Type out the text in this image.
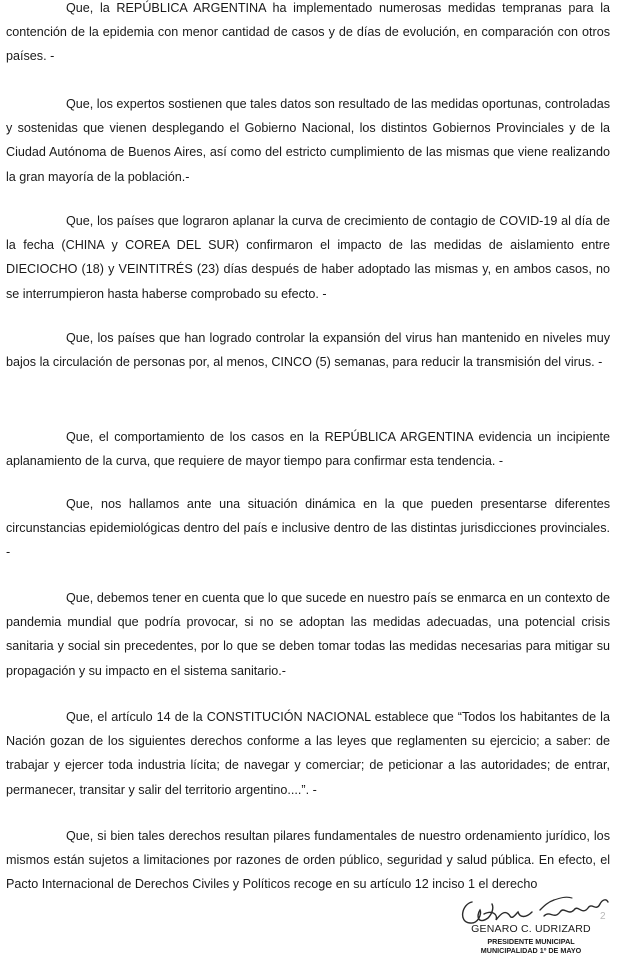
Que, la REPÚBLICA ARGENTINA ha implementado numerosas medidas tempranas para la contención de la epidemia con menor cantidad de casos y de días de evolución, en comparación con otros países. -

Que, los expertos sostienen que tales datos son resultado de las medidas oportunas, controladas y sostenidas que vienen desplegando el Gobierno Nacional, los distintos Gobiernos Provinciales y de la Ciudad Autónoma de Buenos Aires, así como del estricto cumplimiento de las mismas que viene realizando la gran mayoría de la población.-

Que, los países que lograron aplanar la curva de crecimiento de contagio de COVID-19 al día de la fecha (CHINA y COREA DEL SUR) confirmaron el impacto de las medidas de aislamiento entre DIECIOCHO (18) y VEINTITRÉS (23) días después de haber adoptado las mismas y, en ambos casos, no se interrumpieron hasta haberse comprobado su efecto. -

Que, los países que han logrado controlar la expansión del virus han mantenido en niveles muy bajos la circulación de personas por, al menos, CINCO (5) semanas, para reducir la transmisión del virus. -

Que, el comportamiento de los casos en la REPÚBLICA ARGENTINA evidencia un incipiente aplanamiento de la curva, que requiere de mayor tiempo para confirmar esta tendencia. -

Que, nos hallamos ante una situación dinámica en la que pueden presentarse diferentes circunstancias epidemiológicas dentro del país e inclusive dentro de las distintas jurisdicciones provinciales. -

Que, debemos tener en cuenta que lo que sucede en nuestro país se enmarca en un contexto de pandemia mundial que podría provocar, si no se adoptan las medidas adecuadas, una potencial crisis sanitaria y social sin precedentes, por lo que se deben tomar todas las medidas necesarias para mitigar su propagación y su impacto en el sistema sanitario.-

Que, el artículo 14 de la CONSTITUCIÓN NACIONAL establece que “Todos los habitantes de la Nación gozan de los siguientes derechos conforme a las leyes que reglamenten su ejercicio; a saber: de trabajar y ejercer toda industria lícita; de navegar y comerciar; de peticionar a las autoridades; de entrar, permanecer, transitar y salir del territorio argentino....”. -

Que, si bien tales derechos resultan pilares fundamentales de nuestro ordenamiento jurídico, los mismos están sujetos a limitaciones por razones de orden público, seguridad y salud pública. En efecto, el Pacto Internacional de Derechos Civiles y Políticos recoge en su artículo 12 inciso 1 el derecho

GENARO C. UDRIZARD
PRESIDENTE MUNICIPAL
MUNICIPALIDAD 1º DE MAYO
2
